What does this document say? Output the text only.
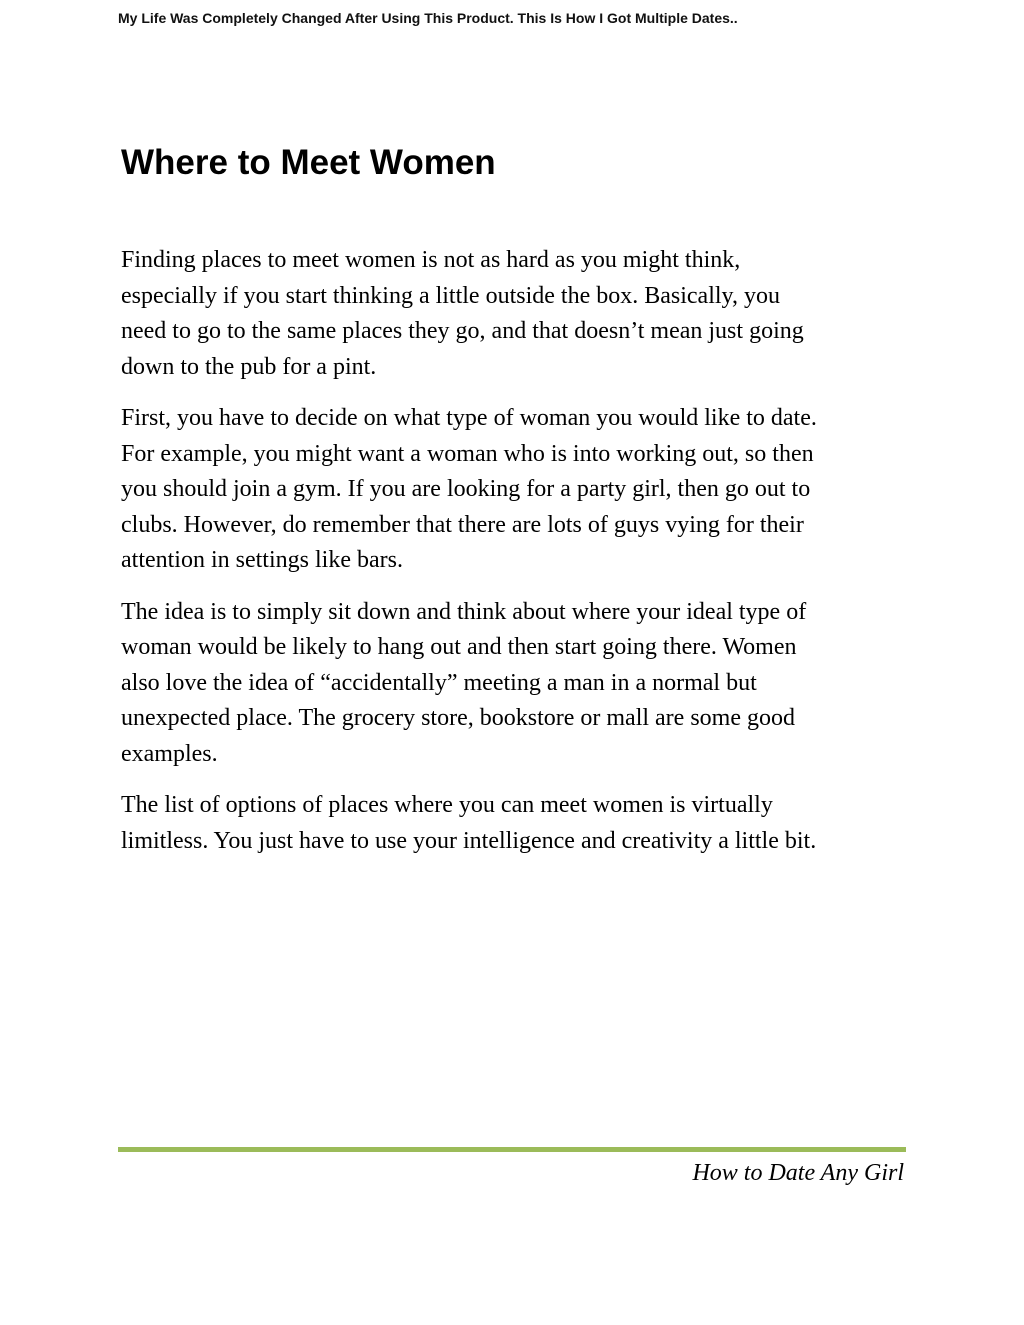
My Life Was Completely Changed After Using This Product. This Is How I Got Multiple Dates..
Where to Meet Women

Finding places to meet women is not as hard as you might think,
especially if you start thinking a little outside the box. Basically, you
need to go to the same places they go, and that doesn’t mean just going
down to the pub for a pint.

First, you have to decide on what type of woman you would like to date.
For example, you might want a woman who is into working out, so then
you should join a gym. If you are looking for a party girl, then go out to
clubs. However, do remember that there are lots of guys vying for their
attention in settings like bars.

The idea is to simply sit down and think about where your ideal type of
woman would be likely to hang out and then start going there. Women
also love the idea of “accidentally” meeting a man in a normal but
unexpected place. The grocery store, bookstore or mall are some good
examples.

The list of options of places where you can meet women is virtually
limitless. You just have to use your intelligence and creativity a little bit.

How to Date Any Girl
